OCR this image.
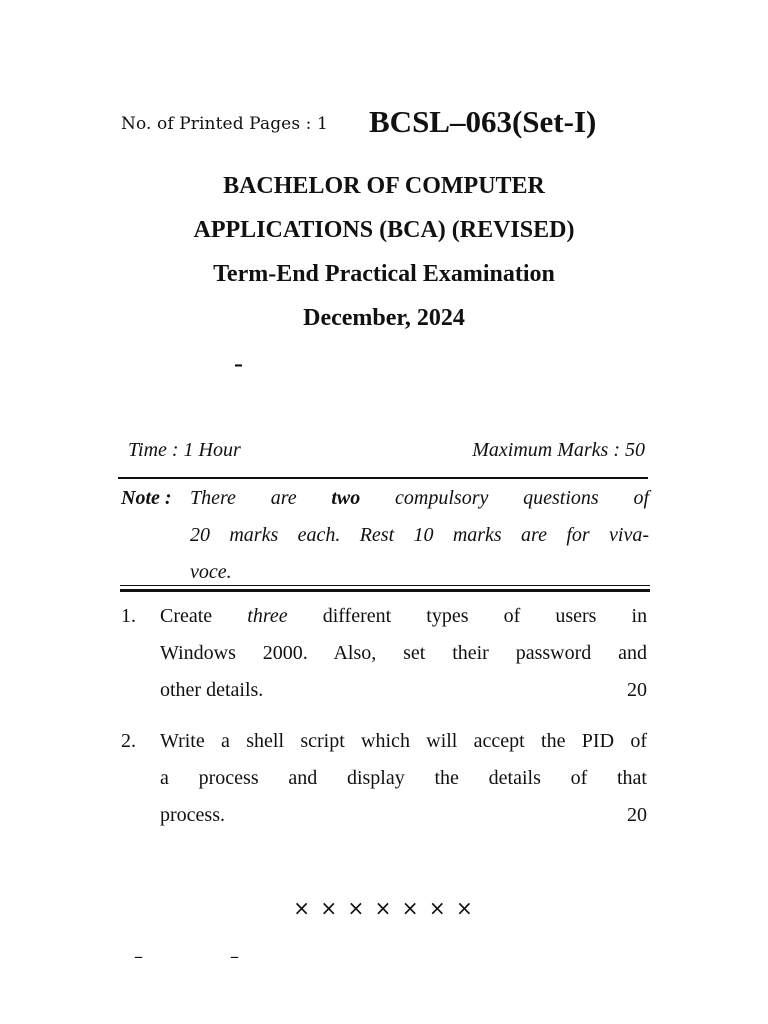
No. of Printed Pages : 1 BCSL–063(Set-I)
BACHELOR OF COMPUTER
APPLICATIONS (BCA) (REVISED)
Term-End Practical Examination
December, 2024
–
Time : 1 Hour	Maximum Marks : 50
Note : There are two compulsory questions of
20 marks each. Rest 10 marks are for viva-
voce.
1. Create three different types of users in
Windows 2000. Also, set their password and
other details.	20
2. Write a shell script which will accept the PID of
a process and display the details of that
process.	20
× × × × × × ×
–	–
